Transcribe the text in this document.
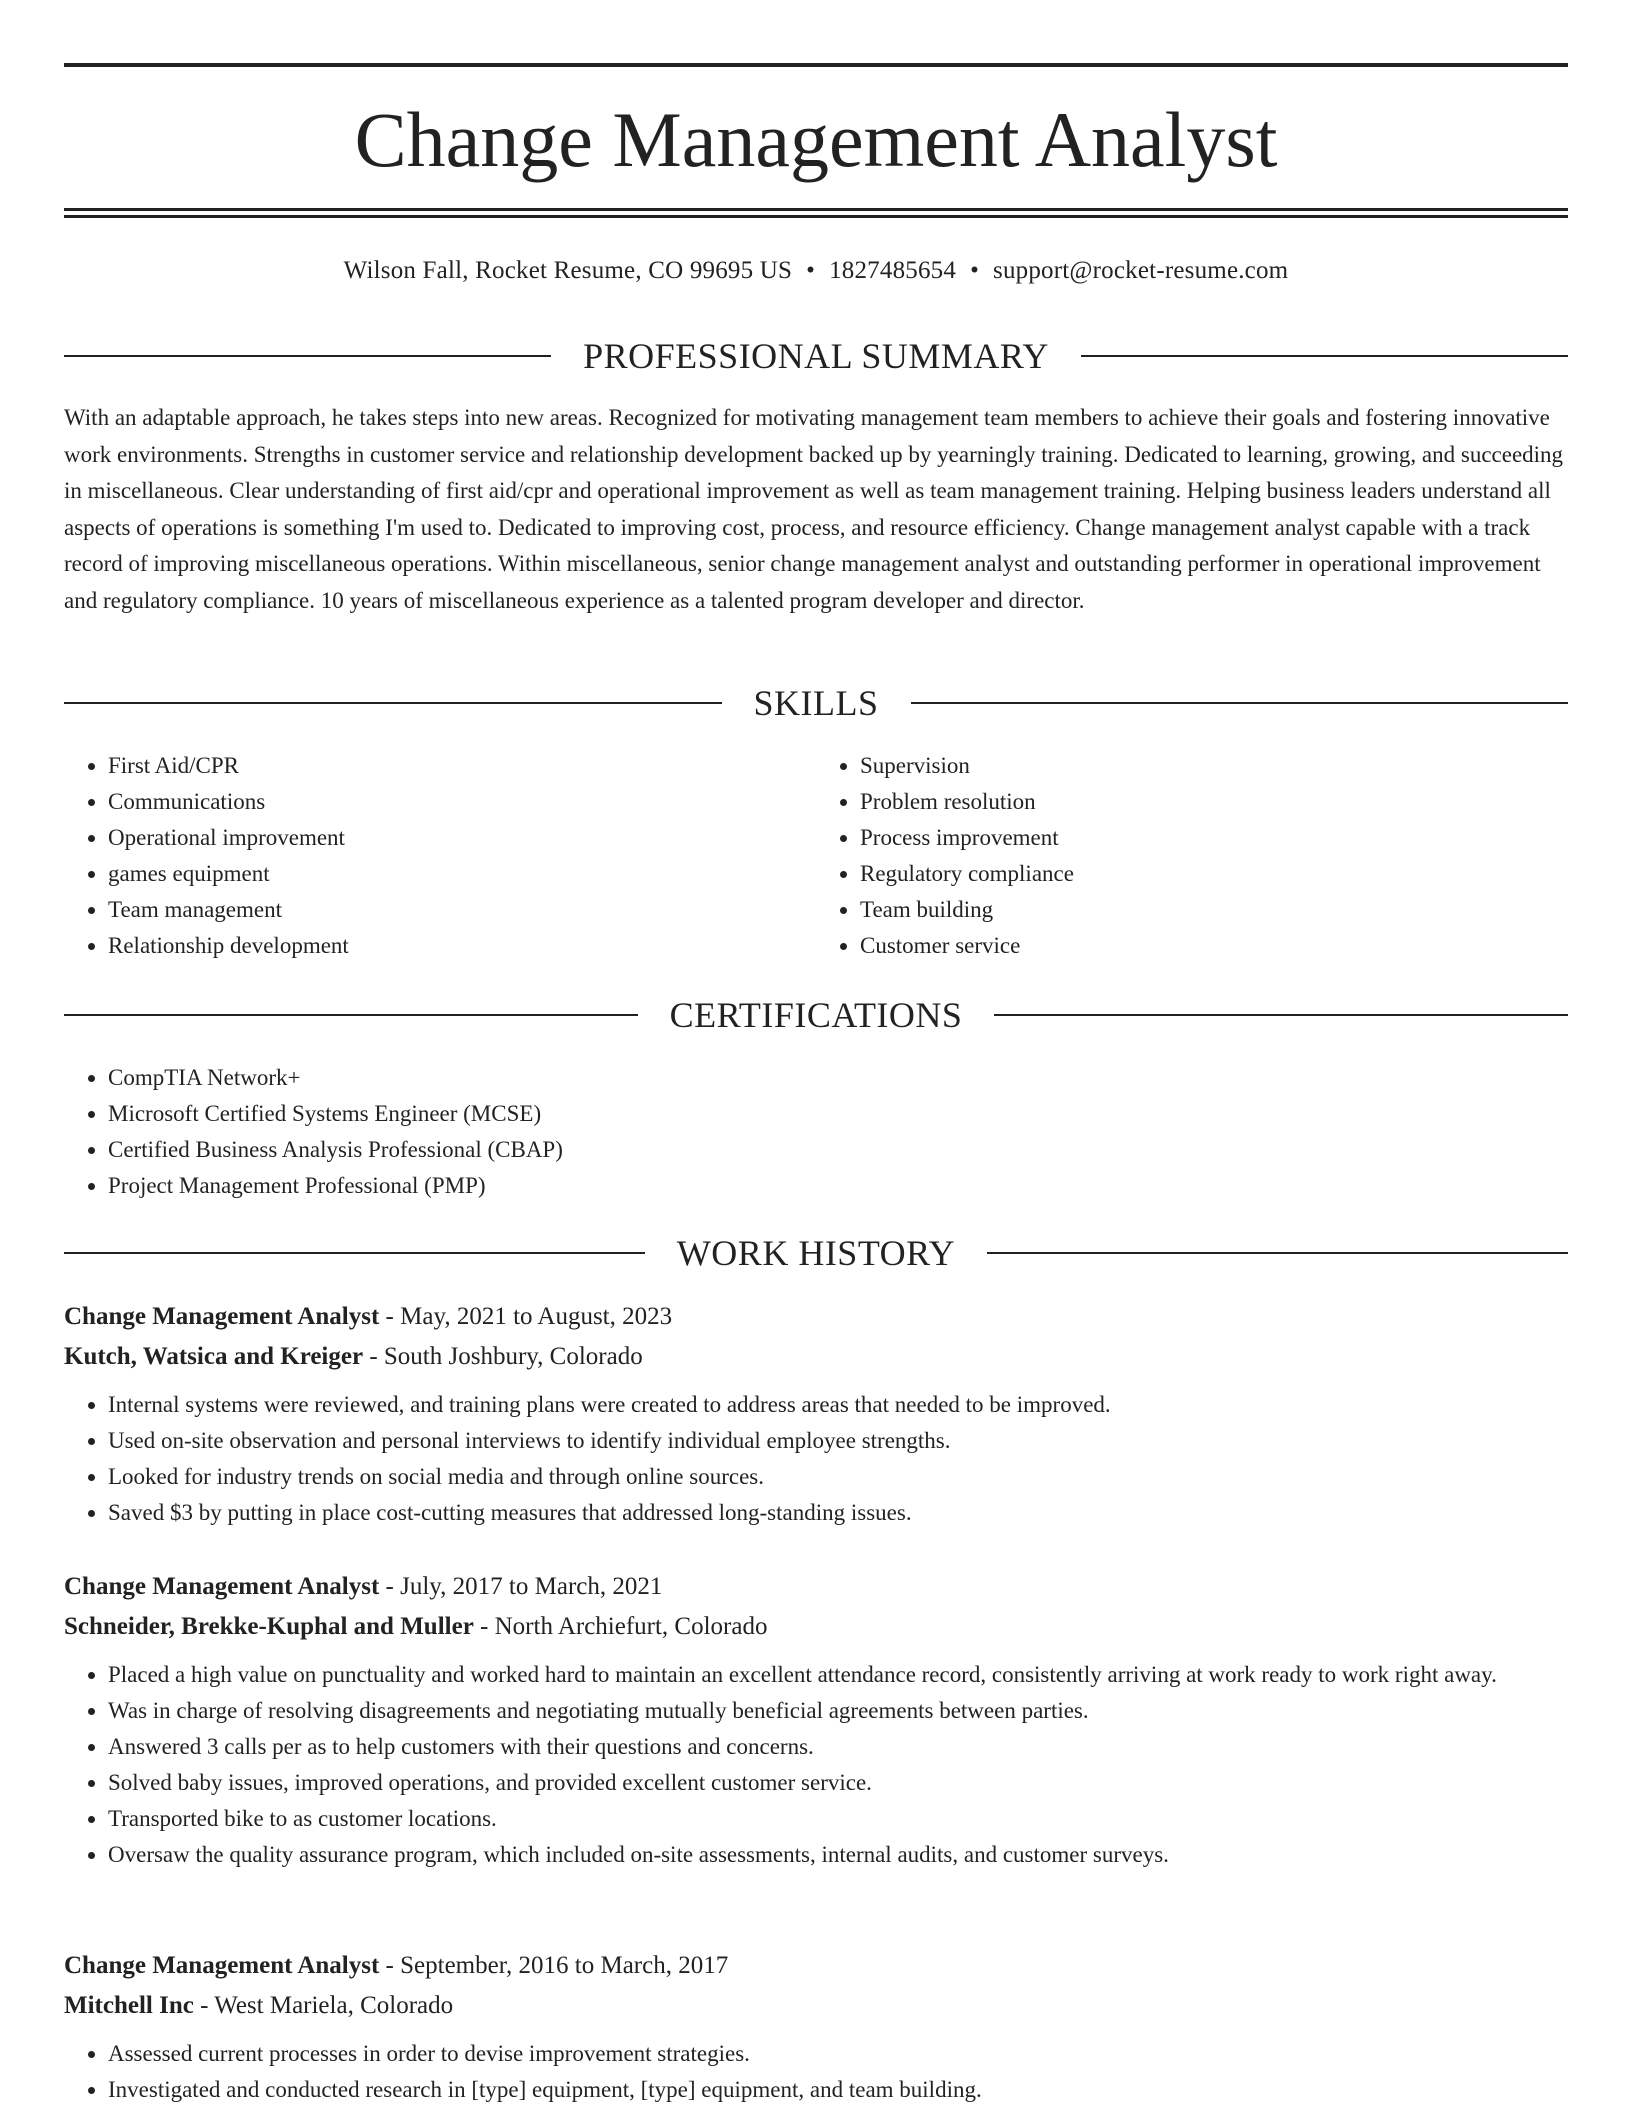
Change Management Analyst
Wilson Fall, Rocket Resume, CO 99695 US • 1827485654 • support@rocket-resume.com
PROFESSIONAL SUMMARY

With an adaptable approach, he takes steps into new areas. Recognized for motivating management team members to achieve their goals and fostering innovative work environments. Strengths in customer service and relationship development backed up by yearningly training. Dedicated to learning, growing, and succeeding in miscellaneous. Clear understanding of first aid/cpr and operational improvement as well as team management training. Helping business leaders understand all aspects of operations is something I'm used to. Dedicated to improving cost, process, and resource efficiency. Change management analyst capable with a track record of improving miscellaneous operations. Within miscellaneous, senior change management analyst and outstanding performer in operational improvement and regulatory compliance. 10 years of miscellaneous experience as a talented program developer and director.

SKILLS
• First Aid/CPR
• Communications
• Operational improvement
• games equipment
• Team management
• Relationship development
• Supervision
• Problem resolution
• Process improvement
• Regulatory compliance
• Team building
• Customer service
CERTIFICATIONS
• CompTIA Network+
• Microsoft Certified Systems Engineer (MCSE)
• Certified Business Analysis Professional (CBAP)
• Project Management Professional (PMP)
WORK HISTORY

Change Management Analyst - May, 2021 to August, 2023

Kutch, Watsica and Kreiger - South Joshbury, Colorado

• Internal systems were reviewed, and training plans were created to address areas that needed to be improved.
• Used on-site observation and personal interviews to identify individual employee strengths.
• Looked for industry trends on social media and through online sources.
• Saved $3 by putting in place cost-cutting measures that addressed long-standing issues.

Change Management Analyst - July, 2017 to March, 2021

Schneider, Brekke-Kuphal and Muller - North Archiefurt, Colorado

• Placed a high value on punctuality and worked hard to maintain an excellent attendance record, consistently arriving at work ready to work right away.
• Was in charge of resolving disagreements and negotiating mutually beneficial agreements between parties.
• Answered 3 calls per as to help customers with their questions and concerns.
• Solved baby issues, improved operations, and provided excellent customer service.
• Transported bike to as customer locations.
• Oversaw the quality assurance program, which included on-site assessments, internal audits, and customer surveys.

Change Management Analyst - September, 2016 to March, 2017

Mitchell Inc - West Mariela, Colorado

• Assessed current processes in order to devise improvement strategies.
• Investigated and conducted research in [type] equipment, [type] equipment, and team building.
